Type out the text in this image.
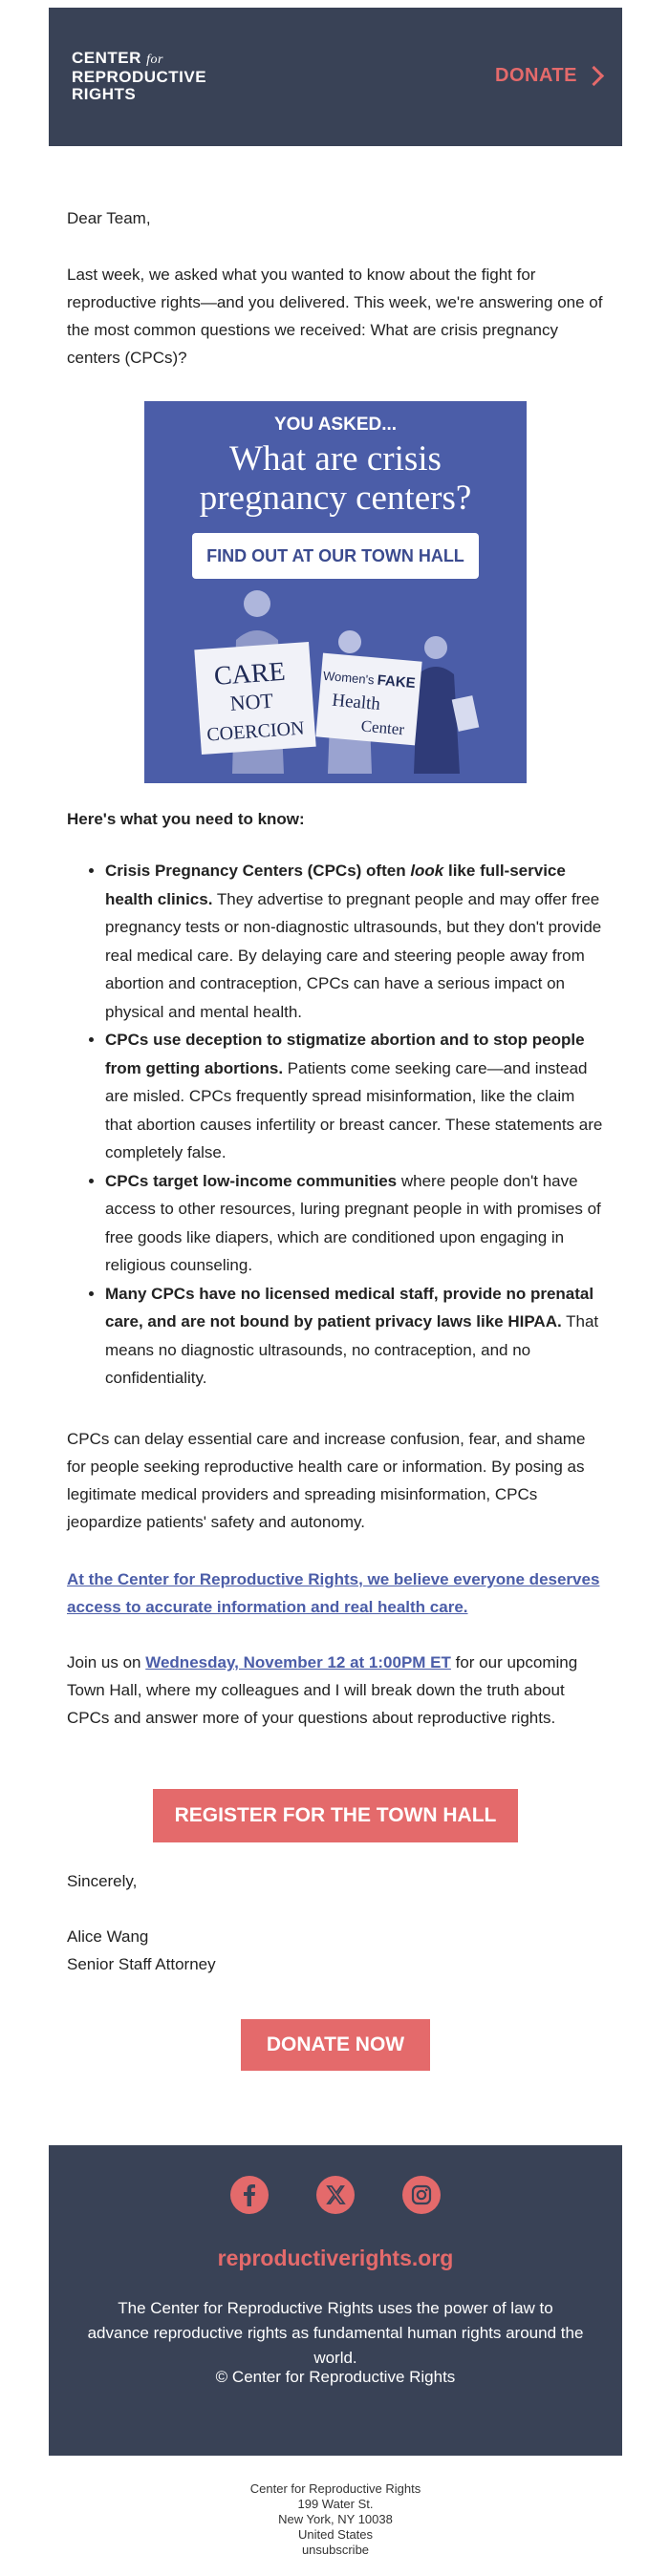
CENTER for
REPRODUCTIVE
RIGHTS
DONATE

Dear Team,

Last week, we asked what you wanted to know about the fight for reproductive rights—and you delivered. This week, we're answering one of the most common questions we received: What are crisis pregnancy centers (CPCs)?

YOU ASKED...
What are crisis
pregnancy centers?
FIND OUT AT OUR TOWN HALL
CARE
NOT
COERCION
Women's FAKE
Health
Center

Here's what you need to know:

• Crisis Pregnancy Centers (CPCs) often look like full-service health clinics. They advertise to pregnant people and may offer free pregnancy tests or non-diagnostic ultrasounds, but they don't provide real medical care. By delaying care and steering people away from abortion and contraception, CPCs can have a serious impact on physical and mental health.
• CPCs use deception to stigmatize abortion and to stop people from getting abortions. Patients come seeking care—and instead are misled. CPCs frequently spread misinformation, like the claim that abortion causes infertility or breast cancer. These statements are completely false.
• CPCs target low-income communities where people don't have access to other resources, luring pregnant people in with promises of free goods like diapers, which are conditioned upon engaging in religious counseling.
• Many CPCs have no licensed medical staff, provide no prenatal care, and are not bound by patient privacy laws like HIPAA. That means no diagnostic ultrasounds, no contraception, and no confidentiality.

CPCs can delay essential care and increase confusion, fear, and shame for people seeking reproductive health care or information. By posing as legitimate medical providers and spreading misinformation, CPCs jeopardize patients' safety and autonomy.

At the Center for Reproductive Rights, we believe everyone deserves access to accurate information and real health care.

Join us on Wednesday, November 12 at 1:00PM ET for our upcoming Town Hall, where my colleagues and I will break down the truth about CPCs and answer more of your questions about reproductive rights.

REGISTER FOR THE TOWN HALL

Sincerely,

Alice Wang

Senior Staff Attorney

DONATE NOW
reproductiverights.org
The Center for Reproductive Rights uses the power of law to advance reproductive rights as fundamental human rights around the world.
© Center for Reproductive Rights
Center for Reproductive Rights
199 Water St.
New York, NY 10038
United States
unsubscribe
